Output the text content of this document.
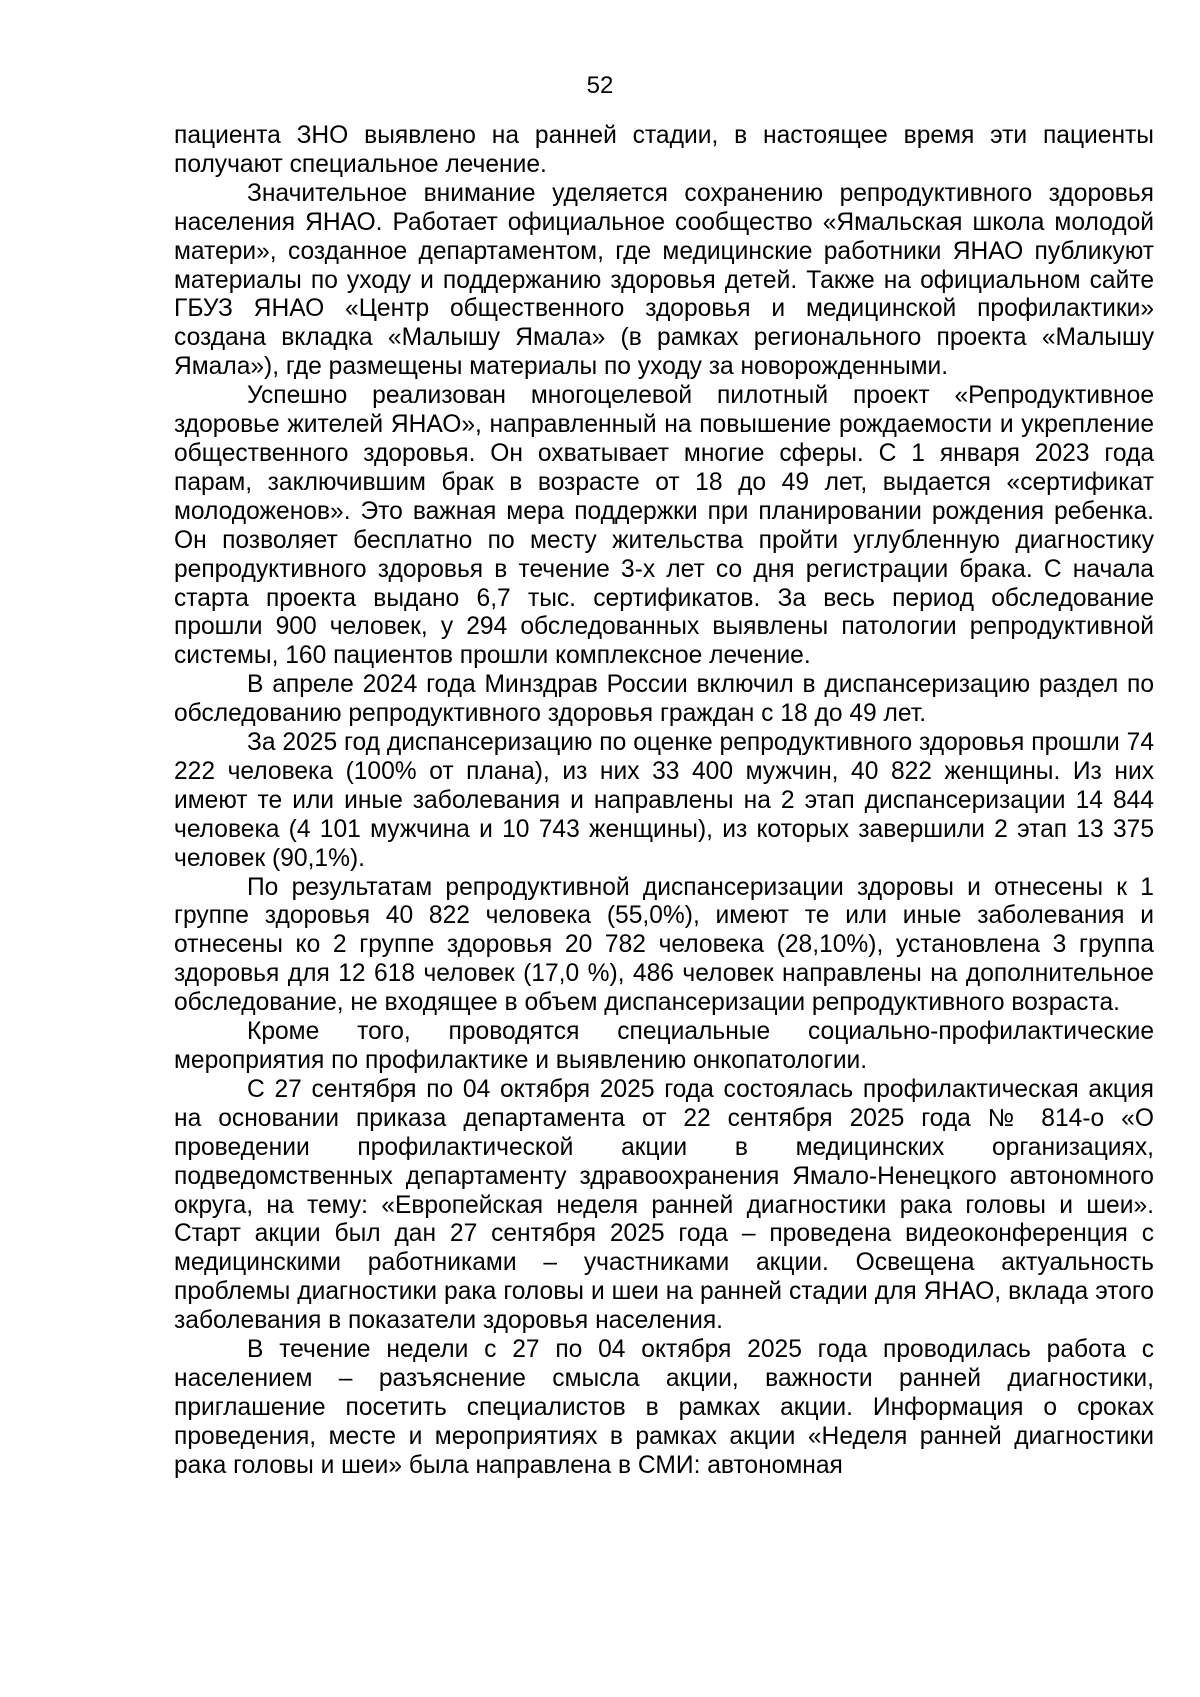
52

пациента ЗНО выявлено на ранней стадии, в настоящее время эти пациенты получают специальное лечение.

Значительное внимание уделяется сохранению репродуктивного здоровья населения ЯНАО. Работает официальное сообщество «Ямальская школа молодой матери», созданное департаментом, где медицинские работники ЯНАО публикуют материалы по уходу и поддержанию здоровья детей. Также на официальном сайте ГБУЗ ЯНАО «Центр общественного здоровья и медицинской профилактики» создана вкладка «Малышу Ямала» (в рамках регионального проекта «Малышу Ямала»), где размещены материалы по уходу за новорожденными.

Успешно реализован многоцелевой пилотный проект «Репродуктивное здоровье жителей ЯНАО», направленный на повышение рождаемости и укрепление общественного здоровья. Он охватывает многие сферы. С 1 января 2023 года парам, заключившим брак в возрасте от 18 до 49 лет, выдается «сертификат молодоженов». Это важная мера поддержки при планировании рождения ребенка. Он позволяет бесплатно по месту жительства пройти углубленную диагностику репродуктивного здоровья в течение 3-х лет со дня регистрации брака. С начала старта проекта выдано 6,7 тыс. сертификатов. За весь период обследование прошли 900 человек, у 294 обследованных выявлены патологии репродуктивной системы, 160 пациентов прошли комплексное лечение.

В апреле 2024 года Минздрав России включил в диспансеризацию раздел по обследованию репродуктивного здоровья граждан с 18 до 49 лет.

За 2025 год диспансеризацию по оценке репродуктивного здоровья прошли 74 222 человека (100% от плана), из них 33 400 мужчин, 40 822 женщины. Из них имеют те или иные заболевания и направлены на 2 этап диспансеризации 14 844 человека (4 101 мужчина и 10 743 женщины), из которых завершили 2 этап 13 375 человек (90,1%).

По результатам репродуктивной диспансеризации здоровы и отнесены к 1 группе здоровья 40 822 человека (55,0%), имеют те или иные заболевания и отнесены ко 2 группе здоровья 20 782 человека (28,10%), установлена 3 группа здоровья для 12 618 человек (17,0 %), 486 человек направлены на дополнительное обследование, не входящее в объем диспансеризации репродуктивного возраста.

Кроме того, проводятся специальные социально-профилактические мероприятия по профилактике и выявлению онкопатологии.

С 27 сентября по 04 октября 2025 года состоялась профилактическая акция на основании приказа департамента от 22 сентября 2025 года № 814-о «О проведении профилактической акции в медицинских организациях, подведомственных департаменту здравоохранения Ямало-Ненецкого автономного округа, на тему: «Европейская неделя ранней диагностики рака головы и шеи». Старт акции был дан 27 сентября 2025 года – проведена видеоконференция с медицинскими работниками – участниками акции. Освещена актуальность проблемы диагностики рака головы и шеи на ранней стадии для ЯНАО, вклада этого заболевания в показатели здоровья населения.

В течение недели с 27 по 04 октября 2025 года проводилась работа с населением – разъяснение смысла акции, важности ранней диагностики, приглашение посетить специалистов в рамках акции. Информация о сроках проведения, месте и мероприятиях в рамках акции «Неделя ранней диагностики рака головы и шеи» была направлена в СМИ: автономная
